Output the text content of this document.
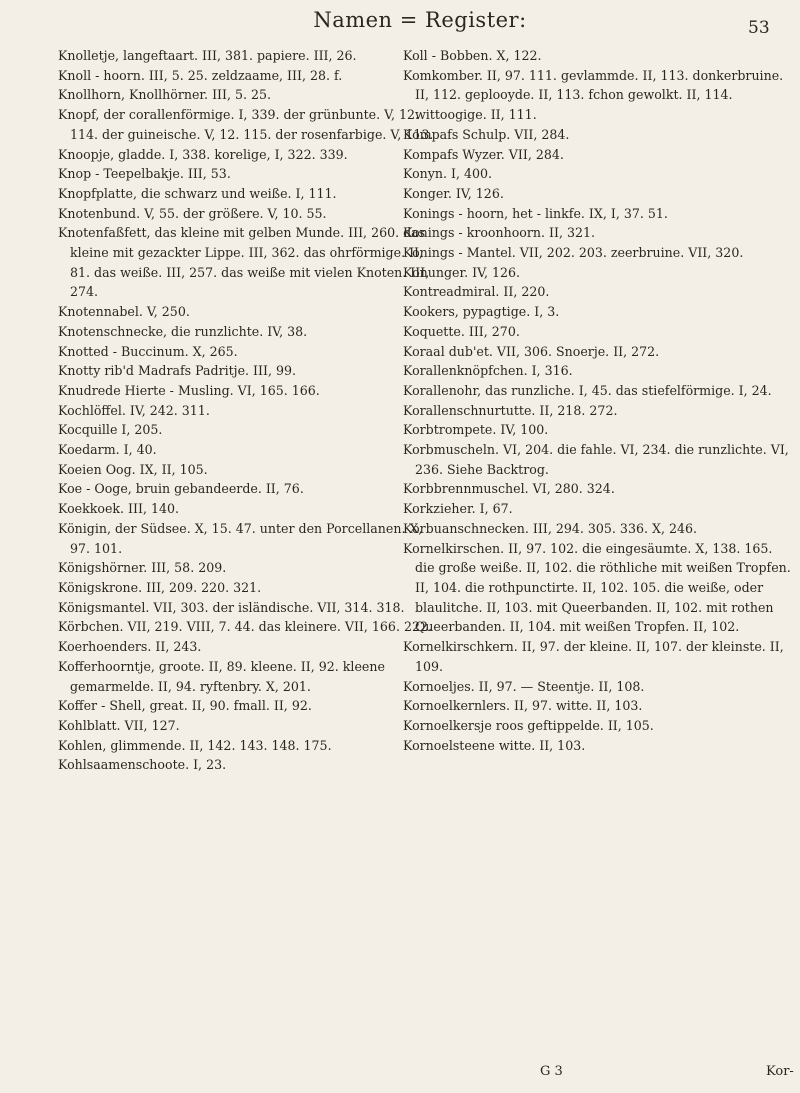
Namen = Register:	53

Knolletje, langeftaart. III, 381. papiere. III, 26.

Knoll - hoorn. III, 5. 25. zeldzaame, III, 28. f.

Knollhorn, Knollhörner. III, 5. 25.

Knopf, der corallenförmige. I, 339. der grünbunte. V, 12. 114. der guineische. V, 12. 115. der rosenfarbige. V, 113.

Knoopje, gladde. I, 338. korelige, I, 322. 339.

Knop - Teepelbakje. III, 53.

Knopfplatte, die schwarz und weiße. I, 111.

Knotenbund. V, 55. der größere. V, 10. 55.

Knotenfaßfett, das kleine mit gelben Munde. III, 260. das kleine mit gezackter Lippe. III, 362. das ohrförmige. II, 81. das weiße. III, 257. das weiße mit vielen Knoten. III, 274.

Knotennabel. V, 250.

Knotenschnecke, die runzlichte. IV, 38.

Knotted - Buccinum. X, 265.

Knotty rib'd Madrafs Padritje. III, 99.

Knudrede Hierte - Musling. VI, 165. 166.

Kochlöffel. IV, 242. 311.

Kocquille I, 205.

Koedarm. I, 40.

Koeien Oog. IX, II, 105.

Koe - Ooge, bruin gebandeerde. II, 76.

Koekkoek. III, 140.

Königin, der Südsee. X, 15. 47. unter den Porcellanen. X, 97. 101.

Königshörner. III, 58. 209.

Königskrone. III, 209. 220. 321.

Königsmantel. VII, 303. der isländische. VII, 314. 318.

Körbchen. VII, 219. VIII, 7. 44. das kleinere. VII, 166. 222.

Koerhoenders. II, 243.

Kofferhoorntje, groote. II, 89. kleene. II, 92. kleene gemarmelde. II, 94. ryftenbry. X, 201.

Koffer - Shell, great. II, 90. fmall. II, 92.

Kohlblatt. VII, 127.

Kohlen, glimmende. II, 142. 143. 148. 175.

Kohlsaamenschoote. I, 23.

Koll - Bobben. X, 122.

Komkomber. II, 97. 111. gevlammde. II, 113. donkerbruine. II, 112. geplooyde. II, 113. fchon gewolkt. II, 114. wittoogige. II, 111.

Kompafs Schulp. VII, 284.

Kompafs Wyzer. VII, 284.

Konyn. I, 400.

Konger. IV, 126.

Konings - hoorn, het - linkfe. IX, I, 37. 51.

Konings - kroonhoorn. II, 321.

Konings - Mantel. VII, 202. 203. zeerbruine. VII, 320.

Konunger. IV, 126.

Kontreadmiral. II, 220.

Kookers, pypagtige. I, 3.

Koquette. III, 270.

Koraal dub'et. VII, 306. Snoerje. II, 272.

Korallenknöpfchen. I, 316.

Korallenohr, das runzliche. I, 45. das stiefelförmige. I, 24.

Korallenschnurtutte. II, 218. 272.

Korbtrompete. IV, 100.

Korbmuscheln. VI, 204. die fahle. VI, 234. die runzlichte. VI, 236. Siehe Backtrog.

Korbbrennmuschel. VI, 280. 324.

Korkzieher. I, 67.

Korbuanschnecken. III, 294. 305. 336. X, 246.

Kornelkirschen. II, 97. 102. die eingesäumte. X, 138. 165. die große weiße. II, 102. die röthliche mit weißen Tropfen. II, 104. die rothpunctirte. II, 102. 105. die weiße, oder blaulitche. II, 103. mit Queerbanden. II, 102. mit rothen Queerbanden. II, 104. mit weißen Tropfen. II, 102.

Kornelkirschkern. II, 97. der kleine. II, 107. der kleinste. II, 109.

Kornoeljes. II, 97. — Steentje. II, 108.

Kornoelkernlers. II, 97. witte. II, 103.

Kornoelkersje roos geftippelde. II, 105.

Kornoelsteene witte. II, 103.

G 3	Kor-
